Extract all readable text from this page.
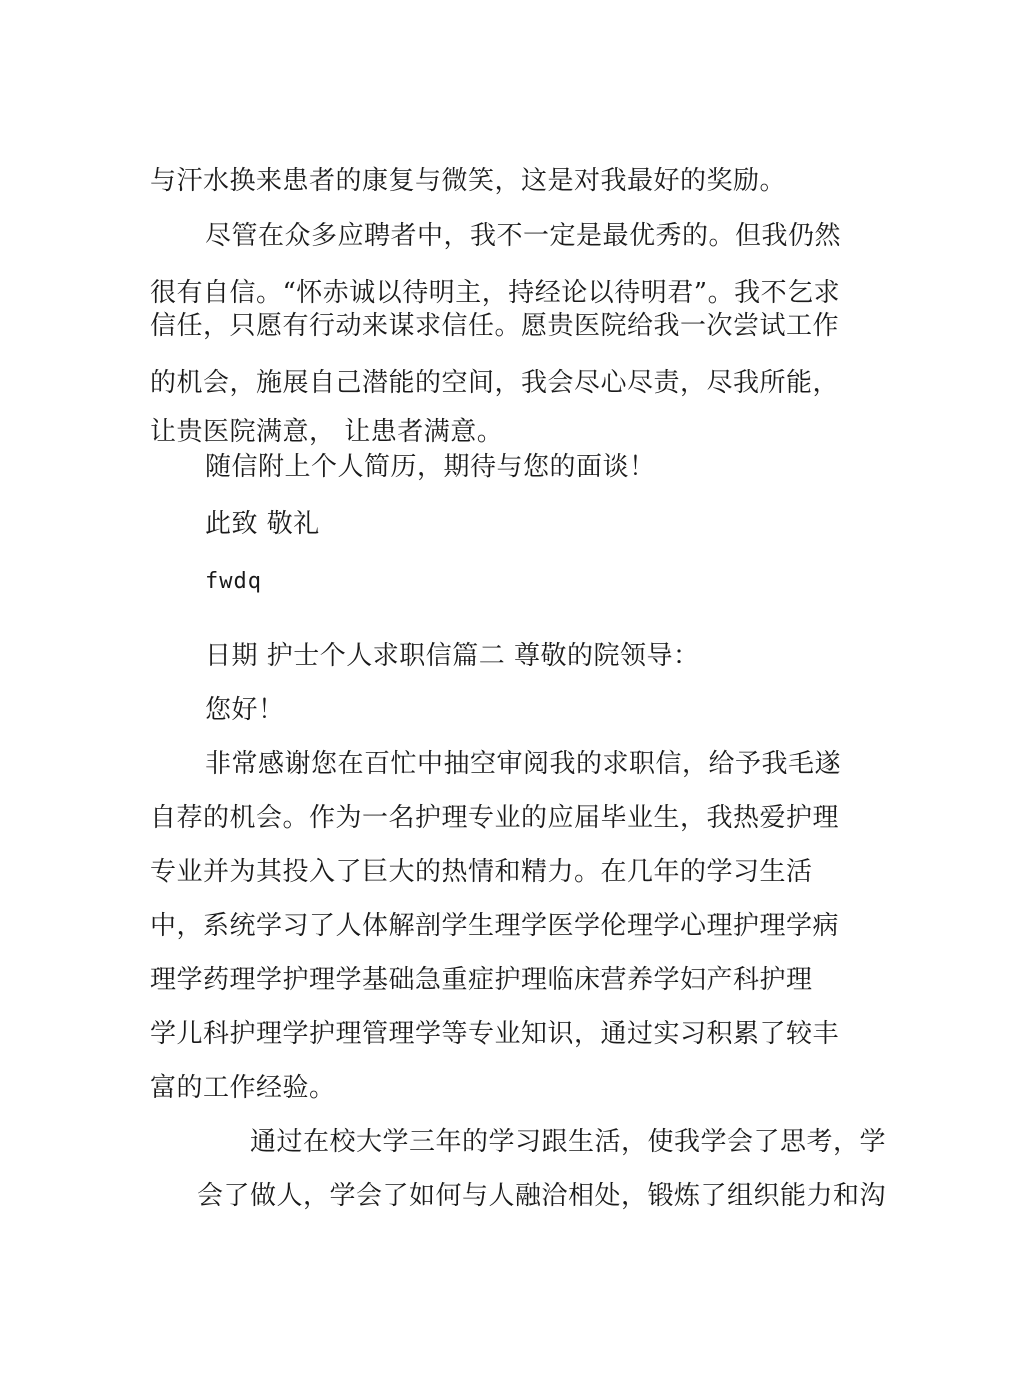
与汗水换来患者的康复与微笑，这是对我最好的奖励。
尽管在众多应聘者中，我不一定是最优秀的。但我仍然
很有自信。“怀赤诚以待明主，持经论以待明君”。我不乞求
信任，只愿有行动来谋求信任。愿贵医院给我一次尝试工作
的机会，施展自己潜能的空间，我会尽心尽责，尽我所能，
让贵医院满意， 让患者满意。
随信附上个人简历，期待与您的面谈！
此致 敬礼
fwdq
日期 护士个人求职信篇二 尊敬的院领导：
您好！
非常感谢您在百忙中抽空审阅我的求职信，给予我毛遂
自荐的机会。作为一名护理专业的应届毕业生，我热爱护理
专业并为其投入了巨大的热情和精力。在几年的学习生活
中，系统学习了人体解剖学生理学医学伦理学心理护理学病
理学药理学护理学基础急重症护理临床营养学妇产科护理
学儿科护理学护理管理学等专业知识，通过实习积累了较丰
富的工作经验。
通过在校大学三年的学习跟生活，使我学会了思考，学
会了做人，学会了如何与人融洽相处，锻炼了组织能力和沟
